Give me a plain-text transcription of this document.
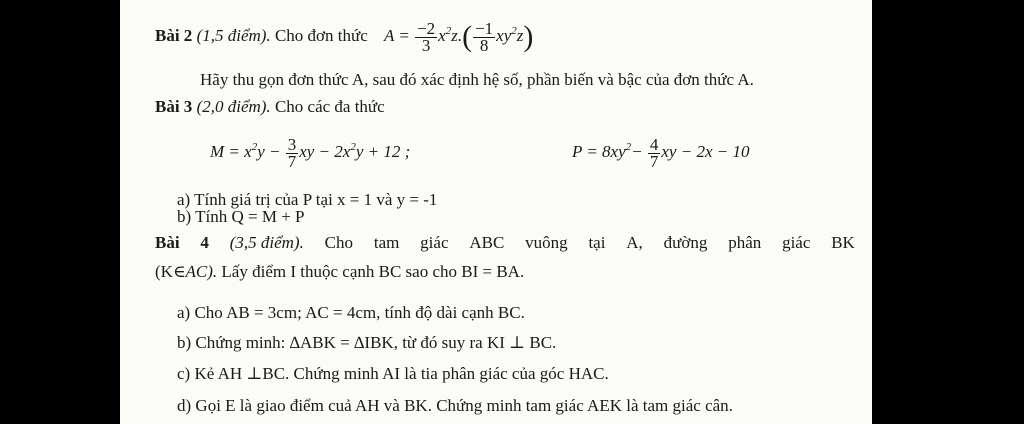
Bài 2 (1,5 điểm). Cho đơn thức $A = \frac{-2}{3} x^2z.( \frac{-1}{8} xy^2z)$
Hãy thu gọn đơn thức A, sau đó xác định hệ số, phần biến và bậc của đơn thức A.
Bài 3 (2,0 điểm). Cho các đa thức
$M = x^2y - \frac{3}{7}$ xy − $2x^2y + 12$ ;	$P = 8xy^2- \frac{4}{7}$ xy − 2x − 10
a) Tính giá trị của P tại x = 1 và y = -1
b) Tính Q = M + P
Bài 4 (3,5 điểm). Cho tam giác ABC vuông tại A, đường phân giác BK
(K∈AC). Lấy điểm I thuộc cạnh BC sao cho BI = BA.
a) Cho AB = 3cm; AC = 4cm, tính độ dài cạnh BC.
b) Chứng minh: ∆ABK = ∆IBK, từ đó suy ra KI ⊥ BC.
c) Kẻ AH ⊥BC. Chứng minh AI là tia phân giác của góc HAC.
d) Gọi E là giao điểm cuả AH và BK. Chứng minh tam giác AEK là tam giác cân.
